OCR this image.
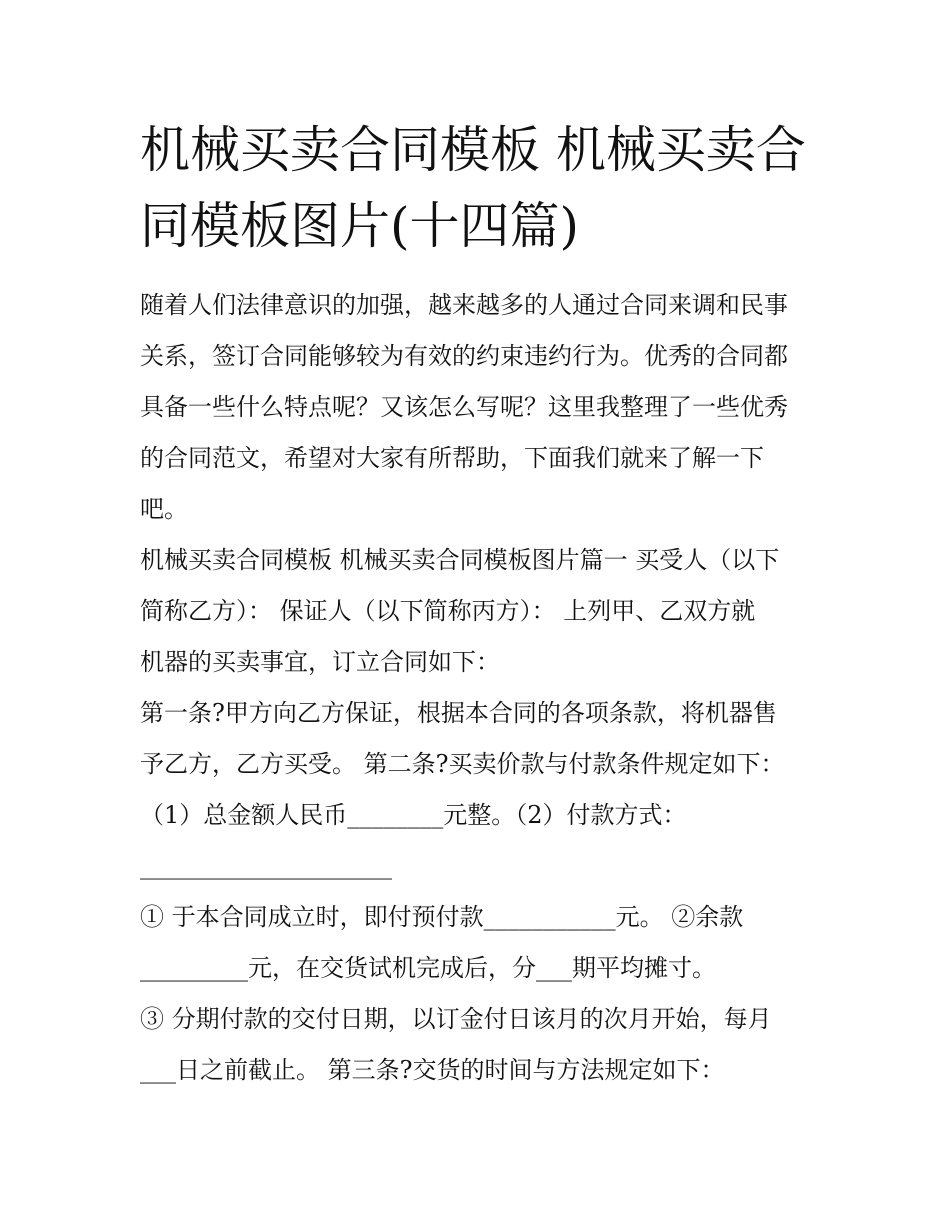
机械买卖合同模板 机械买卖合
同模板图片(十四篇)
随着人们法律意识的加强，越来越多的人通过合同来调和民事
关系，签订合同能够较为有效的约束违约行为。优秀的合同都
具备一些什么特点呢？又该怎么写呢？这里我整理了一些优秀
的合同范文，希望对大家有所帮助，下面我们就来了解一下
吧。
机械买卖合同模板 机械买卖合同模板图片篇一 买受人（以下
简称乙方）： 保证人（以下简称丙方）： 上列甲、乙双方就
机器的买卖事宜，订立合同如下：
第一条?甲方向乙方保证，根据本合同的各项条款，将机器售
予乙方，乙方买受。 第二条?买卖价款与付款条件规定如下：
（1）总金额人民币________元整。（2）付款方式：
_____________________
① 于本合同成立时，即付预付款___________元。 ②余款
_________元，在交货试机完成后，分___期平均摊寸。
③ 分期付款的交付日期，以订金付日该月的次月开始，每月
___日之前截止。 第三条?交货的时间与方法规定如下：
